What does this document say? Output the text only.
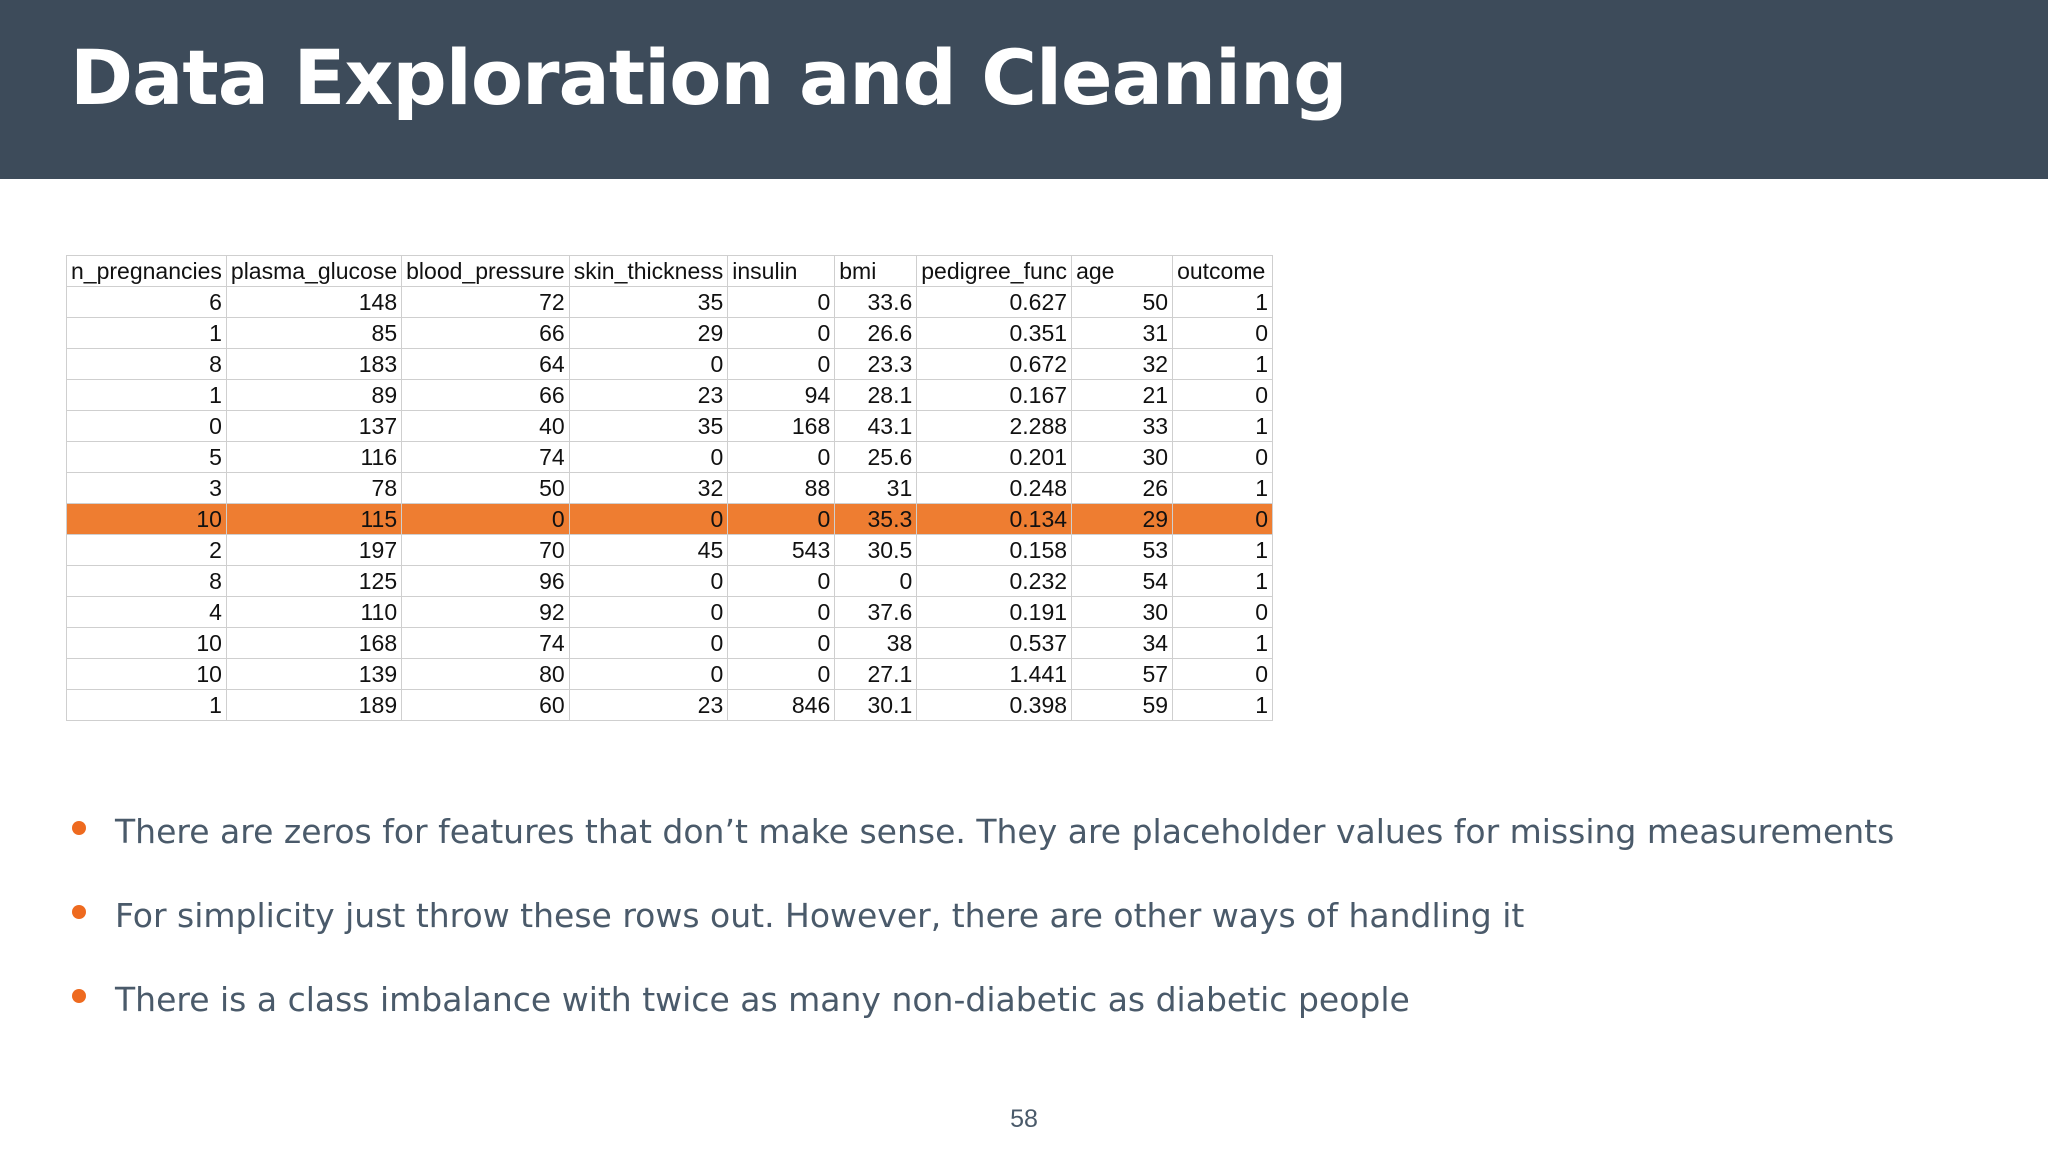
Data Exploration and Cleaning
n_pregnancies	plasma_glucose	blood_pressure	skin_thickness	insulin	bmi	pedigree_func	age	outcome
6	148	72	35	0	33.6	0.627	50	1
1	85	66	29	0	26.6	0.351	31	0
8	183	64	0	0	23.3	0.672	32	1
1	89	66	23	94	28.1	0.167	21	0
0	137	40	35	168	43.1	2.288	33	1
5	116	74	0	0	25.6	0.201	30	0
3	78	50	32	88	31	0.248	26	1
10	115	0	0	0	35.3	0.134	29	0
2	197	70	45	543	30.5	0.158	53	1
8	125	96	0	0	0	0.232	54	1
4	110	92	0	0	37.6	0.191	30	0
10	168	74	0	0	38	0.537	34	1
10	139	80	0	0	27.1	1.441	57	0
1	189	60	23	846	30.1	0.398	59	1
There are zeros for features that don’t make sense. They are placeholder values for missing measurements
For simplicity just throw these rows out. However, there are other ways of handling it
There is a class imbalance with twice as many non-diabetic as diabetic people
58
